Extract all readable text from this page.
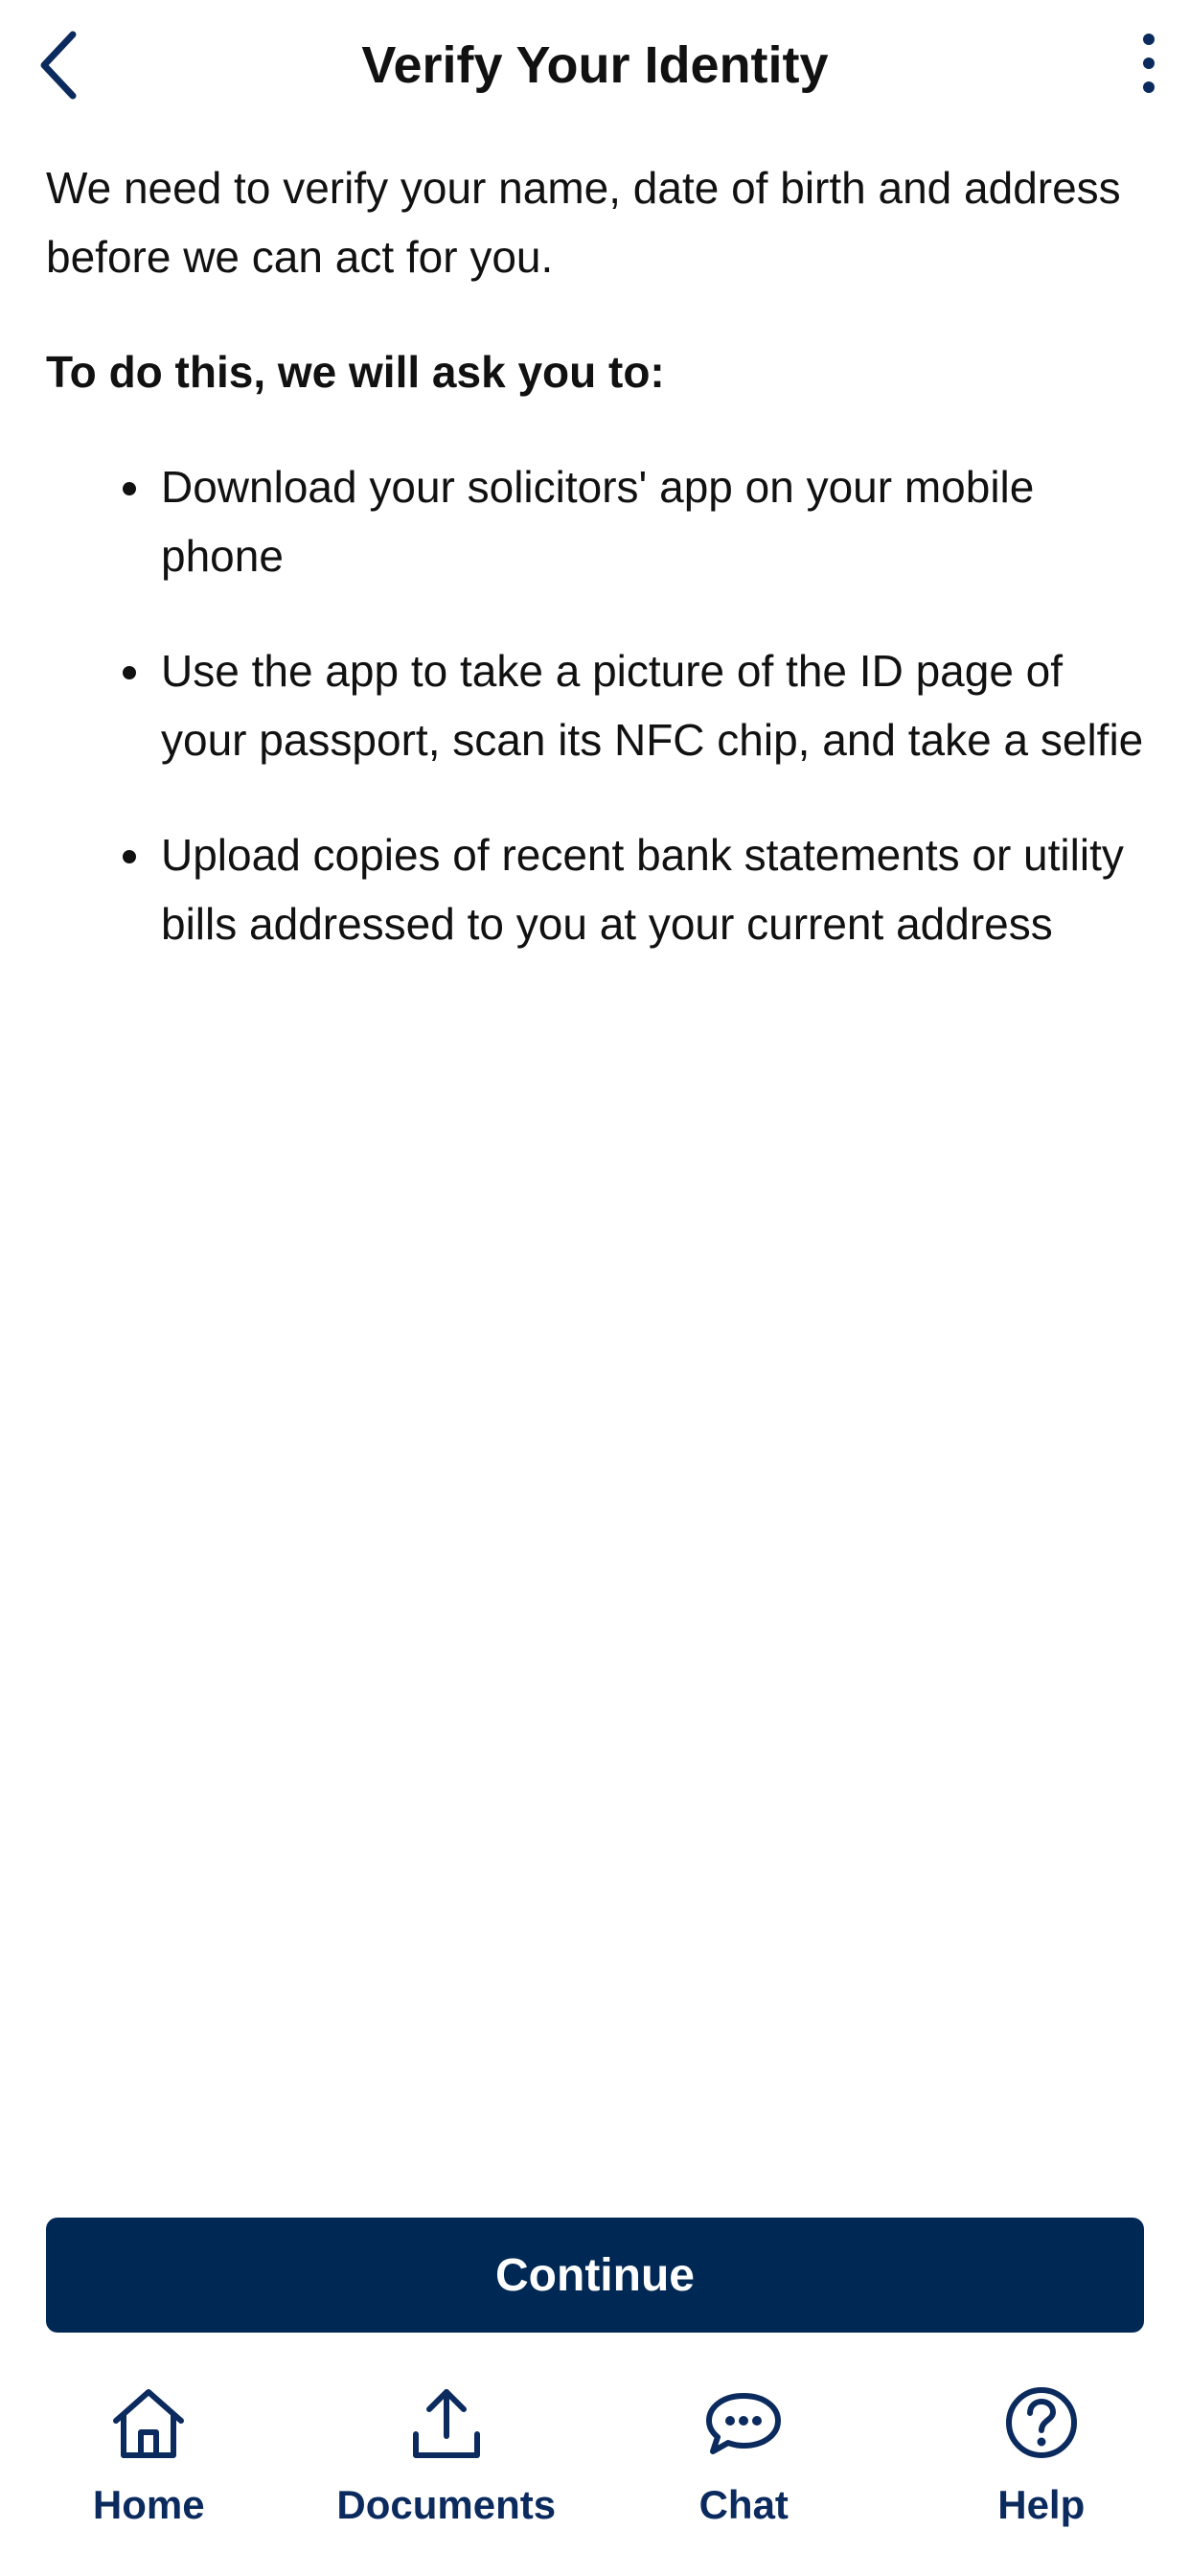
Verify Your Identity

We need to verify your name, date of birth and address before we can act for you.

To do this, we will ask you to:

Download your solicitors' app on your mobile phone
Use the app to take a picture of the ID page of your passport, scan its NFC chip, and take a selfie
Upload copies of recent bank statements or utility bills addressed to you at your current address
Continue
Home	Documents	Chat	Help
